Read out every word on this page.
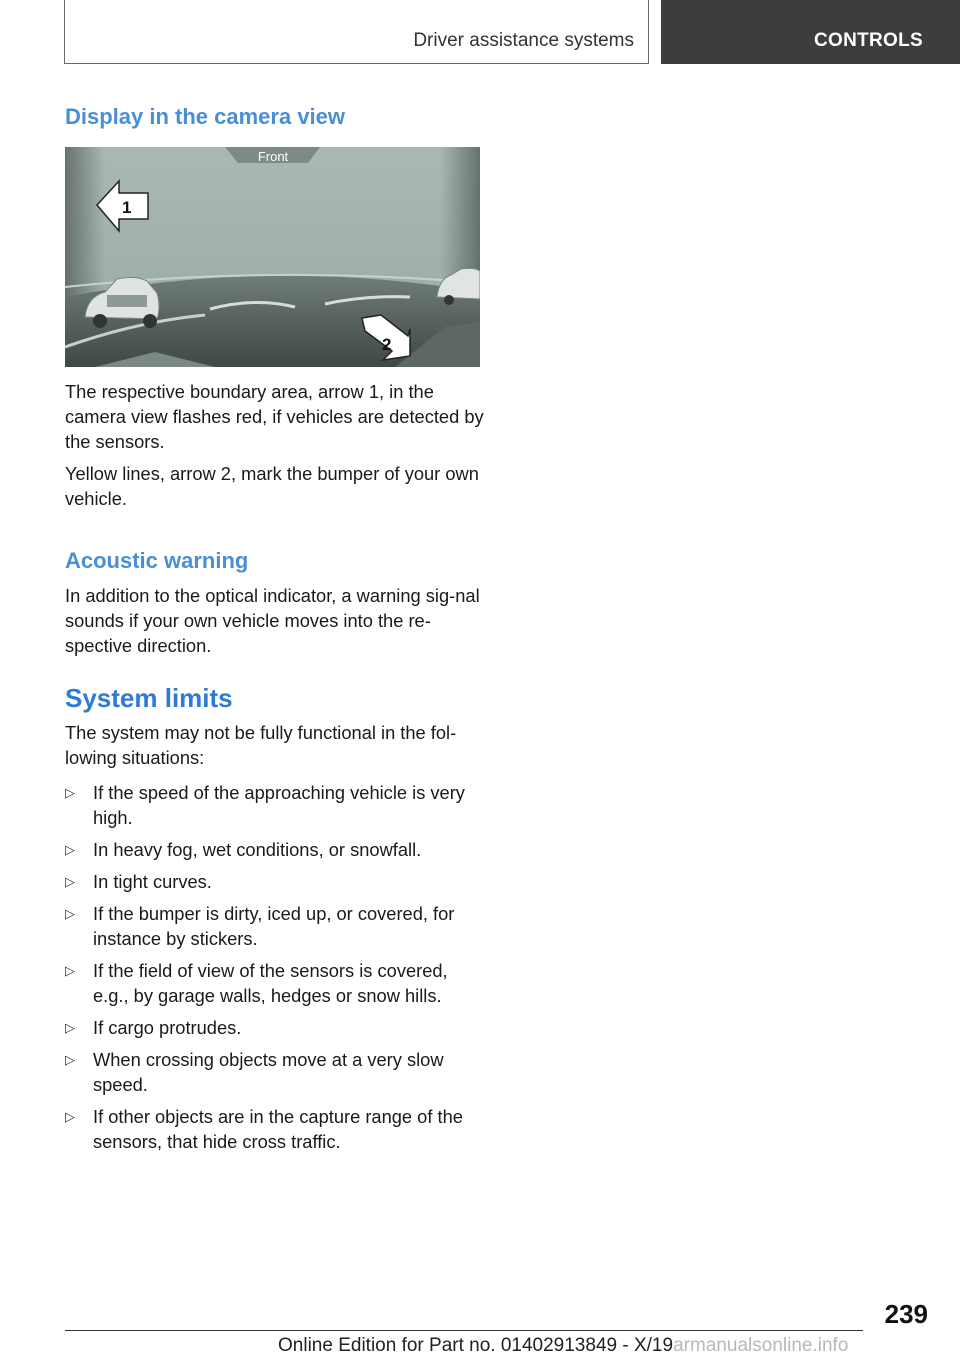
Driver assistance systems	CONTROLS
Display in the camera view
Front
1
2

The respective boundary area, arrow 1, in the camera view flashes red, if vehicles are detected by the sensors.

Yellow lines, arrow 2, mark the bumper of your own vehicle.

Acoustic warning

In addition to the optical indicator, a warning sig‐nal sounds if your own vehicle moves into the re‐spective direction.

System limits

The system may not be fully functional in the fol‐lowing situations:

▷ If the speed of the approaching vehicle is very high.
▷ In heavy fog, wet conditions, or snowfall.
▷ In tight curves.
▷ If the bumper is dirty, iced up, or covered, for instance by stickers.
▷ If the field of view of the sensors is covered, e.g., by garage walls, hedges or snow hills.
▷ If cargo protrudes.
▷ When crossing objects move at a very slow speed.
▷ If other objects are in the capture range of the sensors, that hide cross traffic.
239
Online Edition for Part no. 01402913849 - X/19armanualsonline.info
